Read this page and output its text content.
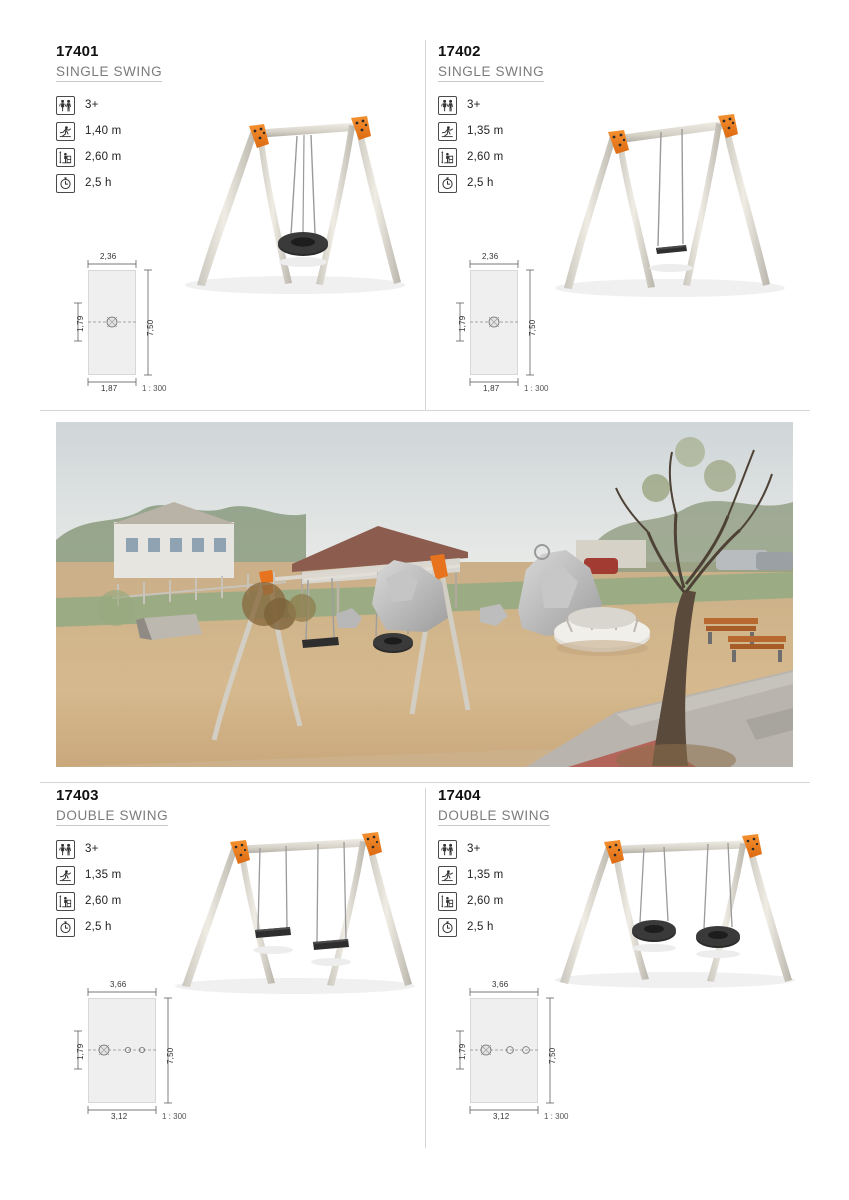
17401
SINGLE SWING
3+
1,40 m
2,60 m
2,5 h
2,36
1,79	7,50
1,87	1 : 300
17402
SINGLE SWING
3+
1,35 m
2,60 m
2,5 h
2,36
1,79	7,50
1,87	1 : 300
17403
DOUBLE SWING
3+
1,35 m
2,60 m
2,5 h
3,66
1,79	7,50
3,12	1 : 300
17404
DOUBLE SWING
3+
1,35 m
2,60 m
2,5 h
3,66
1,79	7,50
3,12	1 : 300
